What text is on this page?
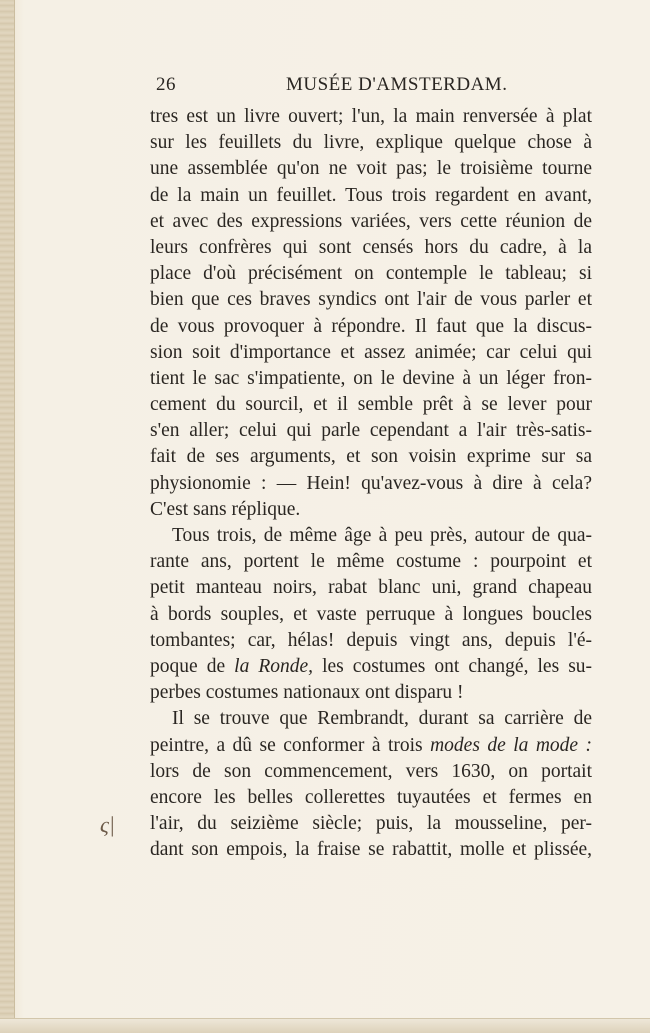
26	MUSÉE D'AMSTERDAM.
ς|
tres est un livre ouvert; l'un, la main renversée à plat
sur les feuillets du livre, explique quelque chose à
une assemblée qu'on ne voit pas; le troisième tourne
de la main un feuillet. Tous trois regardent en avant,
et avec des expressions variées, vers cette réunion de
leurs confrères qui sont censés hors du cadre, à la
place d'où précisément on contemple le tableau; si
bien que ces braves syndics ont l'air de vous parler et
de vous provoquer à répondre. Il faut que la discus-
sion soit d'importance et assez animée; car celui qui
tient le sac s'impatiente, on le devine à un léger fron-
cement du sourcil, et il semble prêt à se lever pour
s'en aller; celui qui parle cependant a l'air très-satis-
fait de ses arguments, et son voisin exprime sur sa
physionomie : — Hein! qu'avez-vous à dire à cela?
C'est sans réplique.
Tous trois, de même âge à peu près, autour de qua-
rante ans, portent le même costume : pourpoint et
petit manteau noirs, rabat blanc uni, grand chapeau
à bords souples, et vaste perruque à longues boucles
tombantes; car, hélas! depuis vingt ans, depuis l'é-
poque de la Ronde, les costumes ont changé, les su-
perbes costumes nationaux ont disparu !
Il se trouve que Rembrandt, durant sa carrière de
peintre, a dû se conformer à trois modes de la mode :
lors de son commencement, vers 1630, on portait
encore les belles collerettes tuyautées et fermes en
l'air, du seizième siècle; puis, la mousseline, per-
dant son empois, la fraise se rabattit, molle et plissée,
